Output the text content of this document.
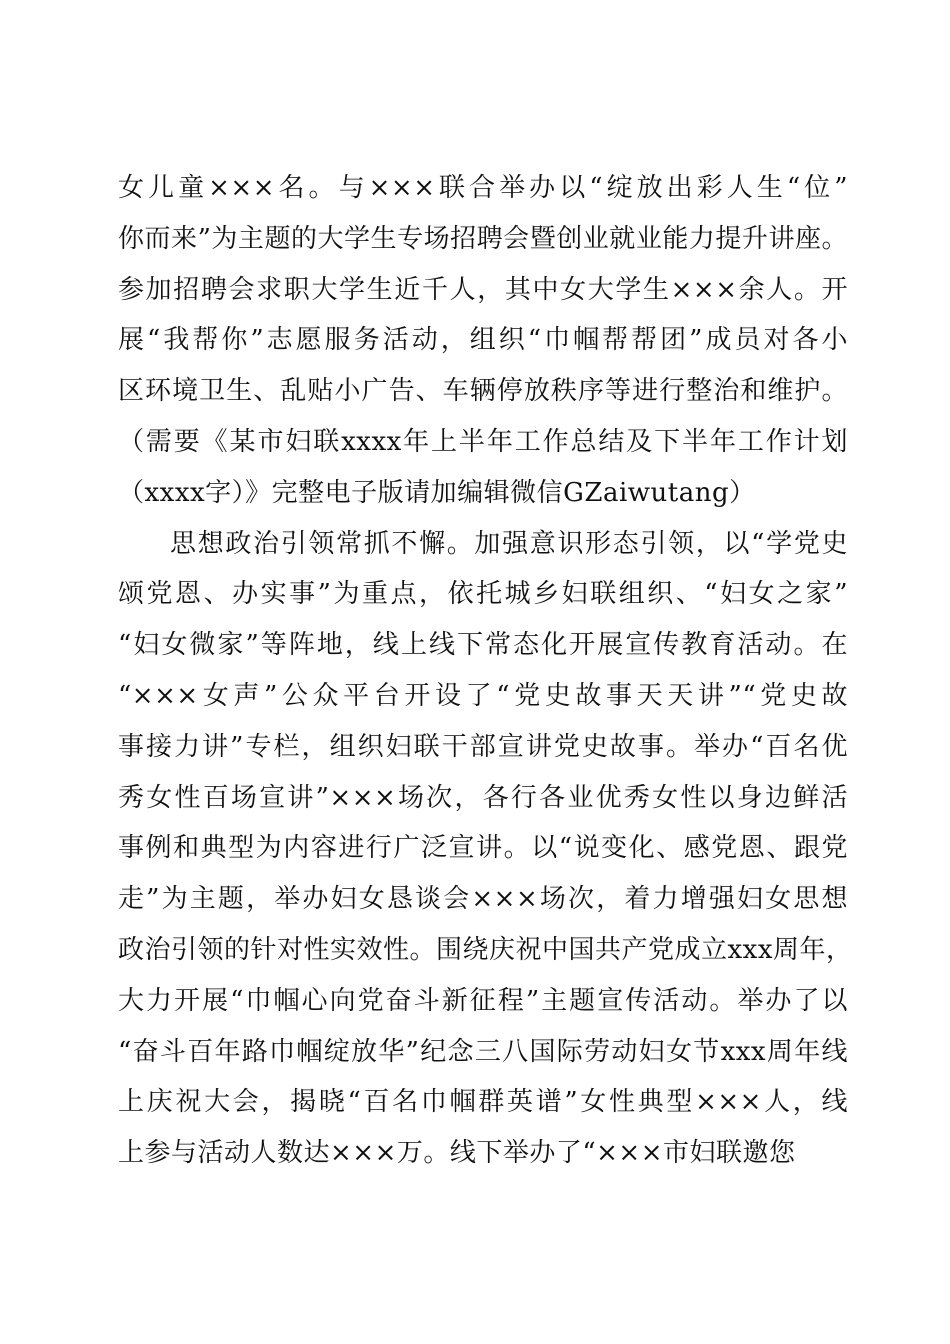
女儿童×××名。与×××联合举办以“绽放出彩人生“位”
你而来”为主题的大学生专场招聘会暨创业就业能力提升讲座。
参加招聘会求职大学生近千人，其中女大学生×××余人。开
展“我帮你”志愿服务活动，组织“巾帼帮帮团”成员对各小
区环境卫生、乱贴小广告、车辆停放秩序等进行整治和维护。
（需要《某市妇联xxxx年上半年工作总结及下半年工作计划
（xxxx字）》完整电子版请加编辑微信GZaiwutang）
思想政治引领常抓不懈。加强意识形态引领，以“学党史
颂党恩、办实事”为重点，依托城乡妇联组织、“妇女之家”
“妇女微家”等阵地，线上线下常态化开展宣传教育活动。在
“×××女声”公众平台开设了“党史故事天天讲”“党史故
事接力讲”专栏，组织妇联干部宣讲党史故事。举办“百名优
秀女性百场宣讲”×××场次，各行各业优秀女性以身边鲜活
事例和典型为内容进行广泛宣讲。以“说变化、感党恩、跟党
走”为主题，举办妇女恳谈会×××场次，着力增强妇女思想
政治引领的针对性实效性。围绕庆祝中国共产党成立xxx周年，
大力开展“巾帼心向党奋斗新征程”主题宣传活动。举办了以
“奋斗百年路巾帼绽放华”纪念三八国际劳动妇女节xxx周年线
上庆祝大会，揭晓“百名巾帼群英谱”女性典型×××人，线
上参与活动人数达×××万。线下举办了“×××市妇联邀您
